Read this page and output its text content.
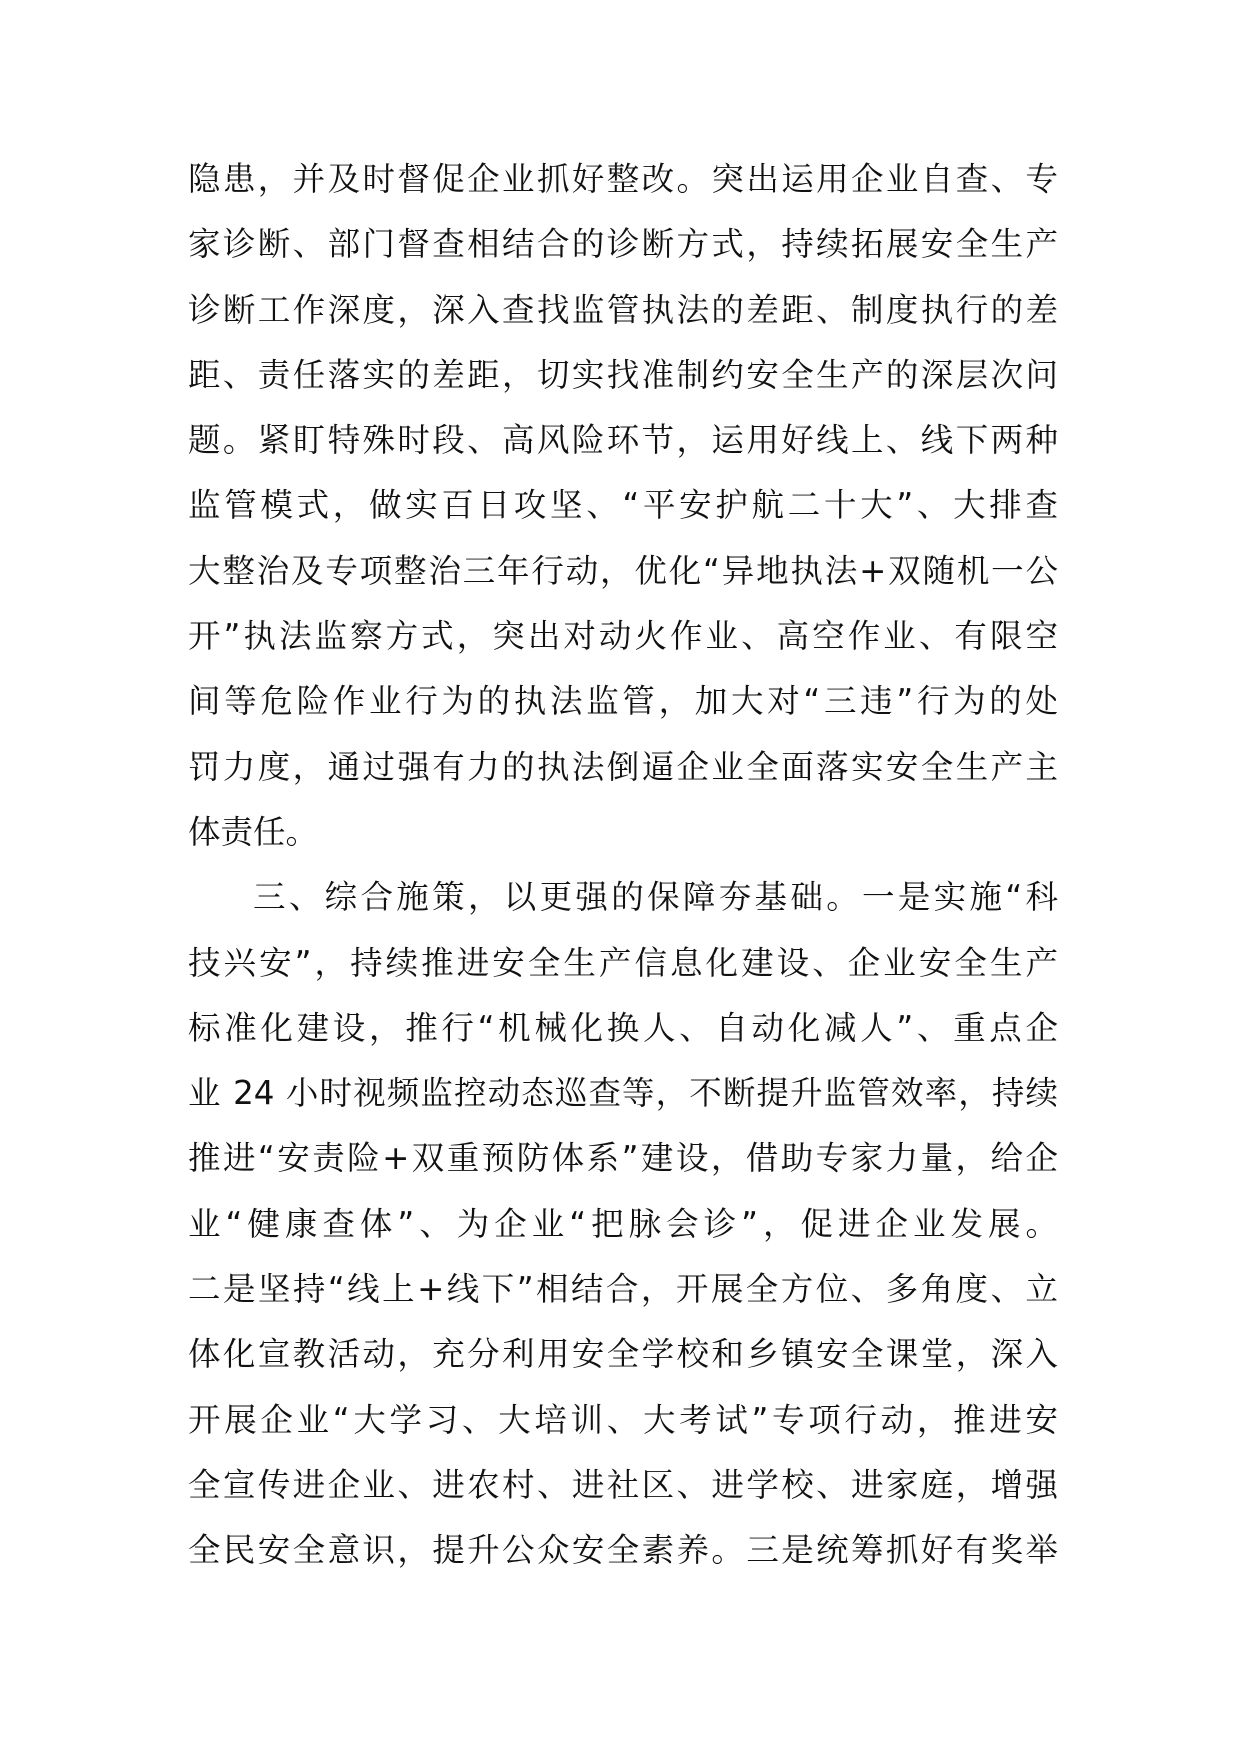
隐患，并及时督促企业抓好整改。突出运用企业自查、专
家诊断、部门督查相结合的诊断方式，持续拓展安全生产
诊断工作深度，深入查找监管执法的差距、制度执行的差
距、责任落实的差距，切实找准制约安全生产的深层次问
题。紧盯特殊时段、高风险环节，运用好线上、线下两种
监管模式，做实百日攻坚、“平安护航二十大”、大排查
大整治及专项整治三年行动，优化“异地执法+双随机一公
开”执法监察方式，突出对动火作业、高空作业、有限空
间等危险作业行为的执法监管，加大对“三违”行为的处
罚力度，通过强有力的执法倒逼企业全面落实安全生产主
体责任。
三、综合施策，以更强的保障夯基础。一是实施“科
技兴安”，持续推进安全生产信息化建设、企业安全生产
标准化建设，推行“机械化换人、自动化减人”、重点企
业 24 小时视频监控动态巡查等，不断提升监管效率，持续
推进“安责险+双重预防体系”建设，借助专家力量，给企
业“健康查体”、为企业“把脉会诊”，促进企业发展。
二是坚持“线上+线下”相结合，开展全方位、多角度、立
体化宣教活动，充分利用安全学校和乡镇安全课堂，深入
开展企业“大学习、大培训、大考试”专项行动，推进安
全宣传进企业、进农村、进社区、进学校、进家庭，增强
全民安全意识，提升公众安全素养。三是统筹抓好有奖举
